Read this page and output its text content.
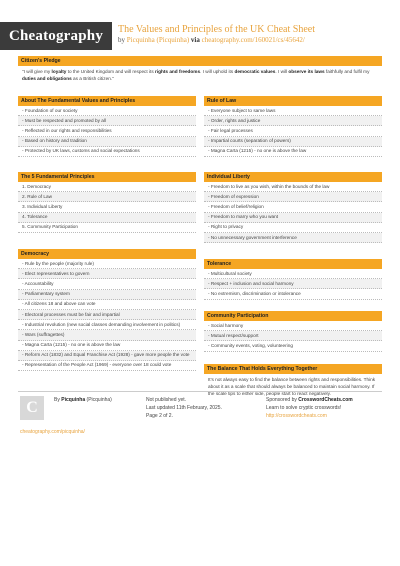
Cheatography	The Values and Principles of the UK Cheat Sheet
by Picquinha (Picquinha) via cheatography.com/160021/cs/45642/
Citizen's Pledge
"I will give my loyalty to the United Kingdom and will respect its rights and freedoms. I will uphold its democratic values. I will observe its laws faithfully and fulfil my duties and obligations as a British citizen."
About The Fundamental Values and Principles
- Foundation of our society
- Must be respected and promoted by all
- Reflected in our rights and responsibilities
- Based on history and tradition
- Protected by UK laws, customs and social expectations
Rule of Law
- Everyone subject to same laws
- Order, rights and justice
- Fair legal processes
- Impartial courts (separation of powers)
- Magna Carta (1215) - no one is above the law
The 5 Fundamental Principles
1. Democracy
2. Rule of Law
3. Individual Liberty
4. Tolerance
5. Community Participation
Individual Liberty
- Freedom to live as you wish, within the bounds of the law
- Freedom of expression
- Freedom of belief/religion
- Freedom to marry who you want
- Right to privacy
- No unnecessary government interference
Democracy
- Rule by the people (majority rule)
- Elect representatives to govern
- Accountability
- Parliamentary system
- All citizens 18 and above can vote
- Electoral processes must be fair and impartial
- Industrial revolution (new social classes demanding involvement in politics)
- Wars (suffragettes)
- Magna Carta (1215) - no one is above the law
- Reform Act (1832) and Equal Franchise Act (1928) - gave more people the vote
- Representation of the People Act (1969) - everyone over 18 could vote
Tolerance
- Multicultural society
- Respect + inclusion and social harmony
- No extremism, discrimination or intolerance
Community Participation
- Social harmony
- Mutual respect/support
- Community events, voting, volunteering
The Balance That Holds Everything Together
It's not always easy to find the balance between rights and responsibilities. Think about it as a scale that should always be balanced to maintain social harmony. If the scale tips to either side, people start to react negatively.
C	By Picquinha (Picquinha)
cheatography.com/picquinha/
Not published yet.
Last updated 11th February, 2025.
Page 2 of 2.
Sponsored by CrosswordCheats.com
Learn to solve cryptic crosswords!
http://crosswordcheats.com
